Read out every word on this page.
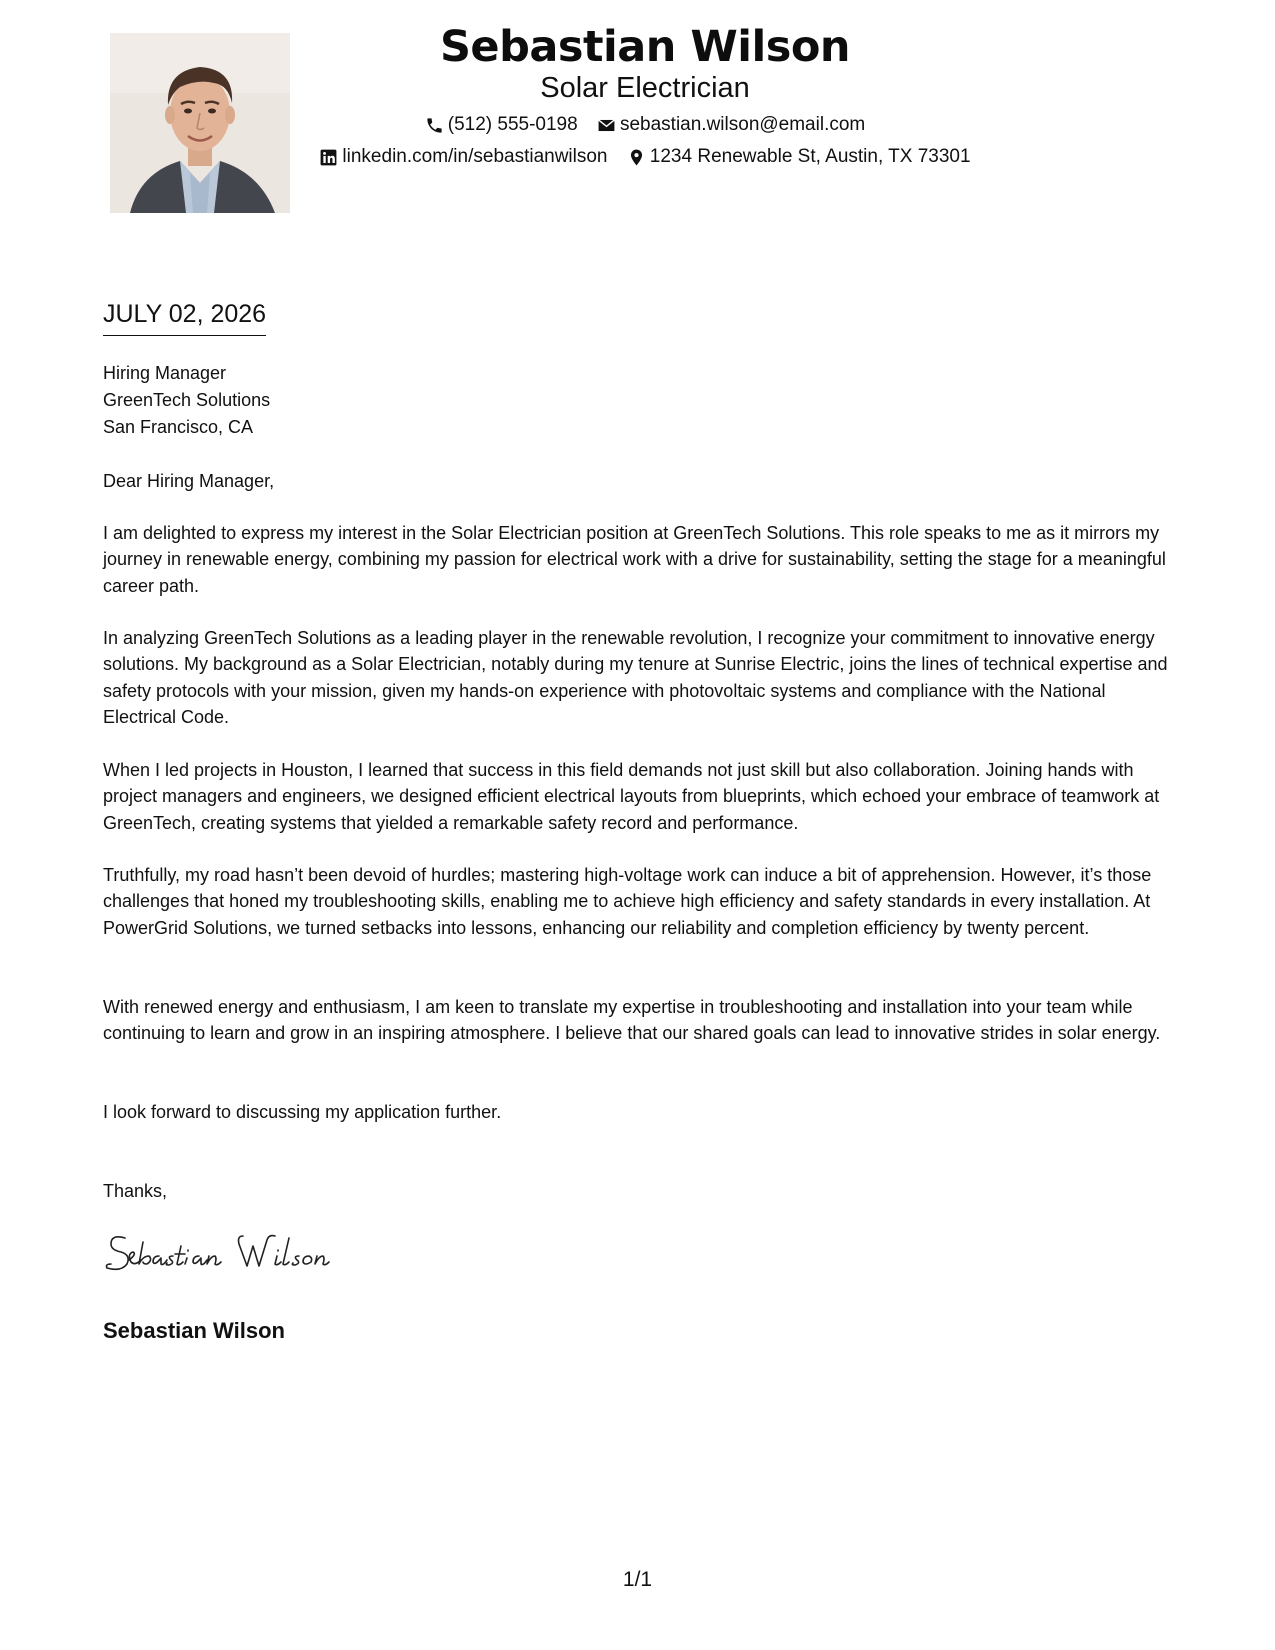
Sebastian Wilson
Solar Electrician
(512) 555-0198
sebastian.wilson@email.com
linkedin.com/in/sebastianwilson
1234 Renewable St, Austin, TX 73301
JULY 02, 2026
Hiring Manager
GreenTech Solutions
San Francisco, CA
Dear Hiring Manager,
I am delighted to express my interest in the Solar Electrician position at GreenTech Solutions. This role speaks to me as it mirrors my journey in renewable energy, combining my passion for electrical work with a drive for sustainability, setting the stage for a meaningful career path.
In analyzing GreenTech Solutions as a leading player in the renewable revolution, I recognize your commitment to innovative energy solutions. My background as a Solar Electrician, notably during my tenure at Sunrise Electric, joins the lines of technical expertise and safety protocols with your mission, given my hands-on experience with photovoltaic systems and compliance with the National Electrical Code.
When I led projects in Houston, I learned that success in this field demands not just skill but also collaboration. Joining hands with project managers and engineers, we designed efficient electrical layouts from blueprints, which echoed your embrace of teamwork at GreenTech, creating systems that yielded a remarkable safety record and performance.
Truthfully, my road hasn’t been devoid of hurdles; mastering high-voltage work can induce a bit of apprehension. However, it’s those challenges that honed my troubleshooting skills, enabling me to achieve high efficiency and safety standards in every installation. At PowerGrid Solutions, we turned setbacks into lessons, enhancing our reliability and completion efficiency by twenty percent.
With renewed energy and enthusiasm, I am keen to translate my expertise in troubleshooting and installation into your team while continuing to learn and grow in an inspiring atmosphere. I believe that our shared goals can lead to innovative strides in solar energy.
I look forward to discussing my application further.
Thanks,
Sebastian Wilson
1/1
